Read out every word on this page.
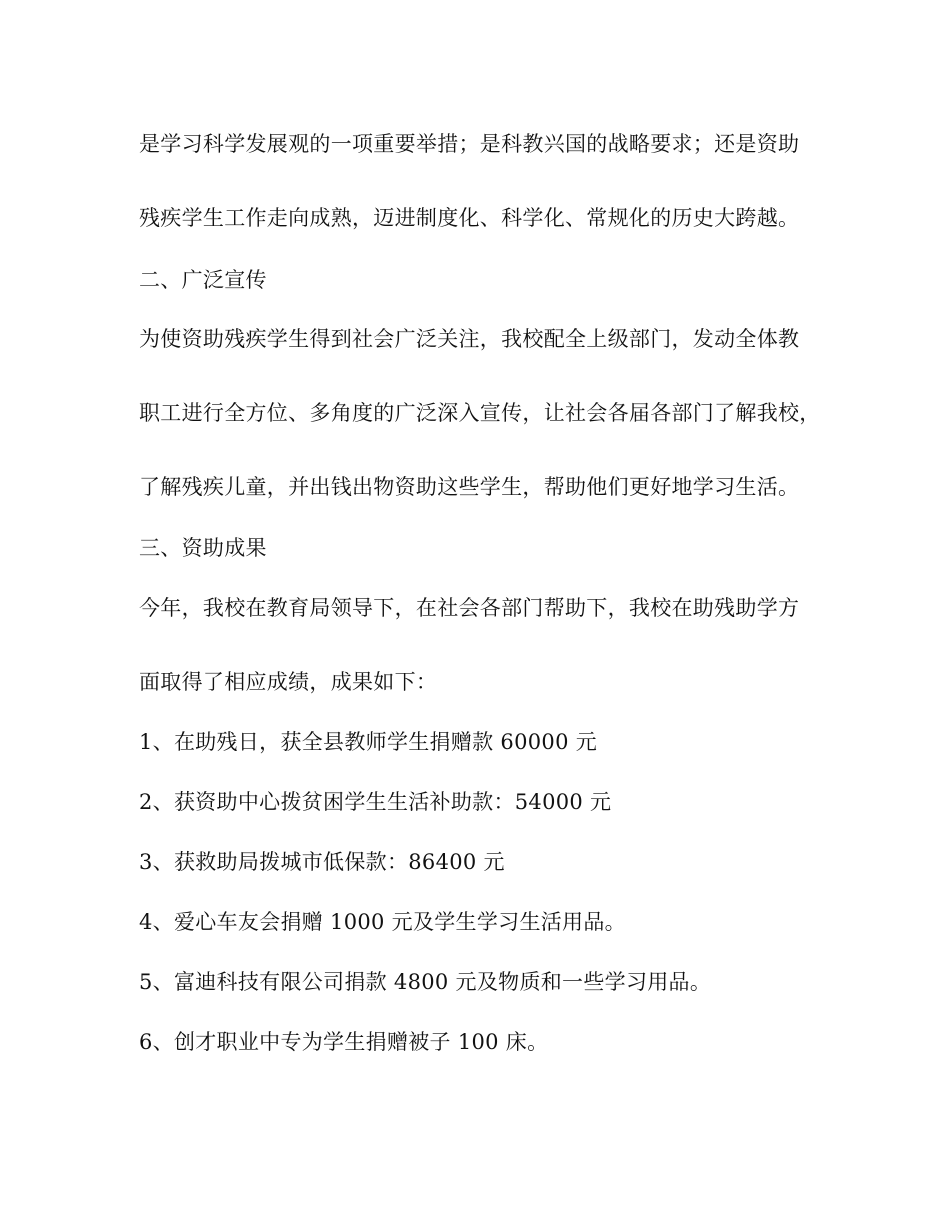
是学习科学发展观的一项重要举措；是科教兴国的战略要求；还是资助
残疾学生工作走向成熟，迈进制度化、科学化、常规化的历史大跨越。
二、广泛宣传
为使资助残疾学生得到社会广泛关注，我校配全上级部门，发动全体教
职工进行全方位、多角度的广泛深入宣传，让社会各届各部门了解我校，
了解残疾儿童，并出钱出物资助这些学生，帮助他们更好地学习生活。
三、资助成果
今年，我校在教育局领导下，在社会各部门帮助下，我校在助残助学方
面取得了相应成绩，成果如下：
1、在助残日，获全县教师学生捐赠款 60000 元
2、获资助中心拨贫困学生生活补助款：54000 元
3、获救助局拨城市低保款：86400 元
4、爱心车友会捐赠 1000 元及学生学习生活用品。
5、富迪科技有限公司捐款 4800 元及物质和一些学习用品。
6、创才职业中专为学生捐赠被子 100 床。
